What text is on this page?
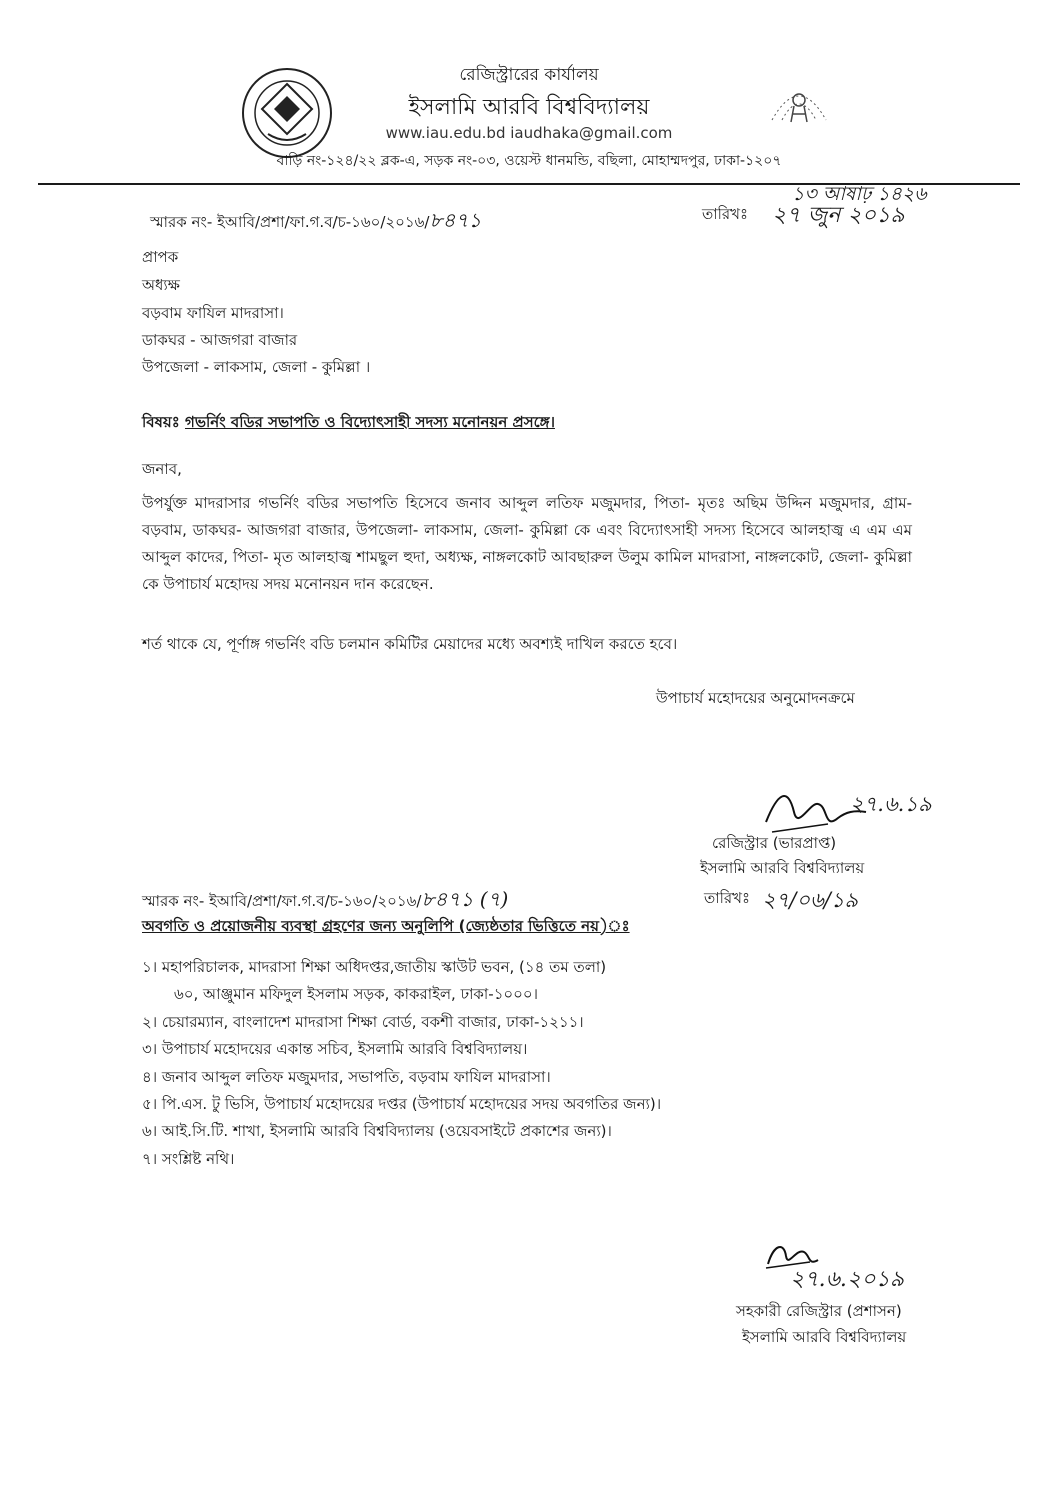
রেজিস্ট্রারের কার্যালয়
ইসলামি আরবি বিশ্ববিদ্যালয়
www.iau.edu.bd iaudhaka@gmail.com
বাড়ি নং-১২৪/২২ ব্লক-এ, সড়ক নং-০৩, ওয়েস্ট ধানমন্ডি, বছিলা, মোহাম্মদপুর, ঢাকা-১২০৭
স্মারক নং- ইআবি/প্রশা/ফা.গ.ব/চ-১৬০/২০১৬/৮৪৭১	তারিখঃ
১৩ আষাঢ় ১৪২৬
২৭ জুন ২০১৯
প্রাপক
অধ্যক্ষ
বড়বাম ফাযিল মাদরাসা।
ডাকঘর - আজগরা বাজার
উপজেলা - লাকসাম, জেলা - কুমিল্লা ।
বিষয়ঃ গভর্নিং বডির সভাপতি ও বিদ্যোৎসাহী সদস্য মনোনয়ন প্রসঙ্গে।
জনাব,
উপর্যুক্ত মাদরাসার গভর্নিং বডির সভাপতি হিসেবে জনাব আব্দুল লতিফ মজুমদার, পিতা- মৃতঃ অছিম উদ্দিন মজুমদার, গ্রাম- বড়বাম, ডাকঘর- আজগরা বাজার, উপজেলা- লাকসাম, জেলা- কুমিল্লা কে এবং বিদ্যোৎসাহী সদস্য হিসেবে আলহাজ্ব এ এম এম আব্দুল কাদের, পিতা- মৃত আলহাজ্ব শামছুল হুদা, অধ্যক্ষ, নাঙ্গলকোট আবছারুল উলুম কামিল মাদরাসা, নাঙ্গলকোট, জেলা- কুমিল্লা কে উপাচার্য মহোদয় সদয় মনোনয়ন দান করেছেন.
শর্ত থাকে যে, পূর্ণাঙ্গ গভর্নিং বডি চলমান কমিটির মেয়াদের মধ্যে অবশ্যই দাখিল করতে হবে।
উপাচার্য মহোদয়ের অনুমোদনক্রমে
২৭.৬.১৯
রেজিস্ট্রার (ভারপ্রাপ্ত)
ইসলামি আরবি বিশ্ববিদ্যালয়
স্মারক নং- ইআবি/প্রশা/ফা.গ.ব/চ-১৬০/২০১৬/৮৪৭১ (৭)	তারিখঃ ২৭/০৬/১৯
অবগতি ও প্রয়োজনীয় ব্যবস্থা গ্রহণের জন্য অনুলিপি (জ্যেষ্ঠতার ভিত্তিতে নয়)ঃ
১। মহাপরিচালক, মাদরাসা শিক্ষা অধিদপ্তর,জাতীয় স্কাউট ভবন, (১৪ তম তলা)
৬০, আঞ্জুমান মফিদুল ইসলাম সড়ক, কাকরাইল, ঢাকা-১০০০।
২। চেয়ারম্যান, বাংলাদেশ মাদরাসা শিক্ষা বোর্ড, বকশী বাজার, ঢাকা-১২১১।
৩। উপাচার্য মহোদয়ের একান্ত সচিব, ইসলামি আরবি বিশ্ববিদ্যালয়।
৪। জনাব আব্দুল লতিফ মজুমদার, সভাপতি, বড়বাম ফাযিল মাদরাসা।
৫। পি.এস. টু ভিসি, উপাচার্য মহোদয়ের দপ্তর (উপাচার্য মহোদয়ের সদয় অবগতির জন্য)।
৬। আই.সি.টি. শাখা, ইসলামি আরবি বিশ্ববিদ্যালয় (ওয়েবসাইটে প্রকাশের জন্য)।
৭। সংশ্লিষ্ট নথি।
২৭.৬.২০১৯
সহকারী রেজিস্ট্রার (প্রশাসন)
ইসলামি আরবি বিশ্ববিদ্যালয়
